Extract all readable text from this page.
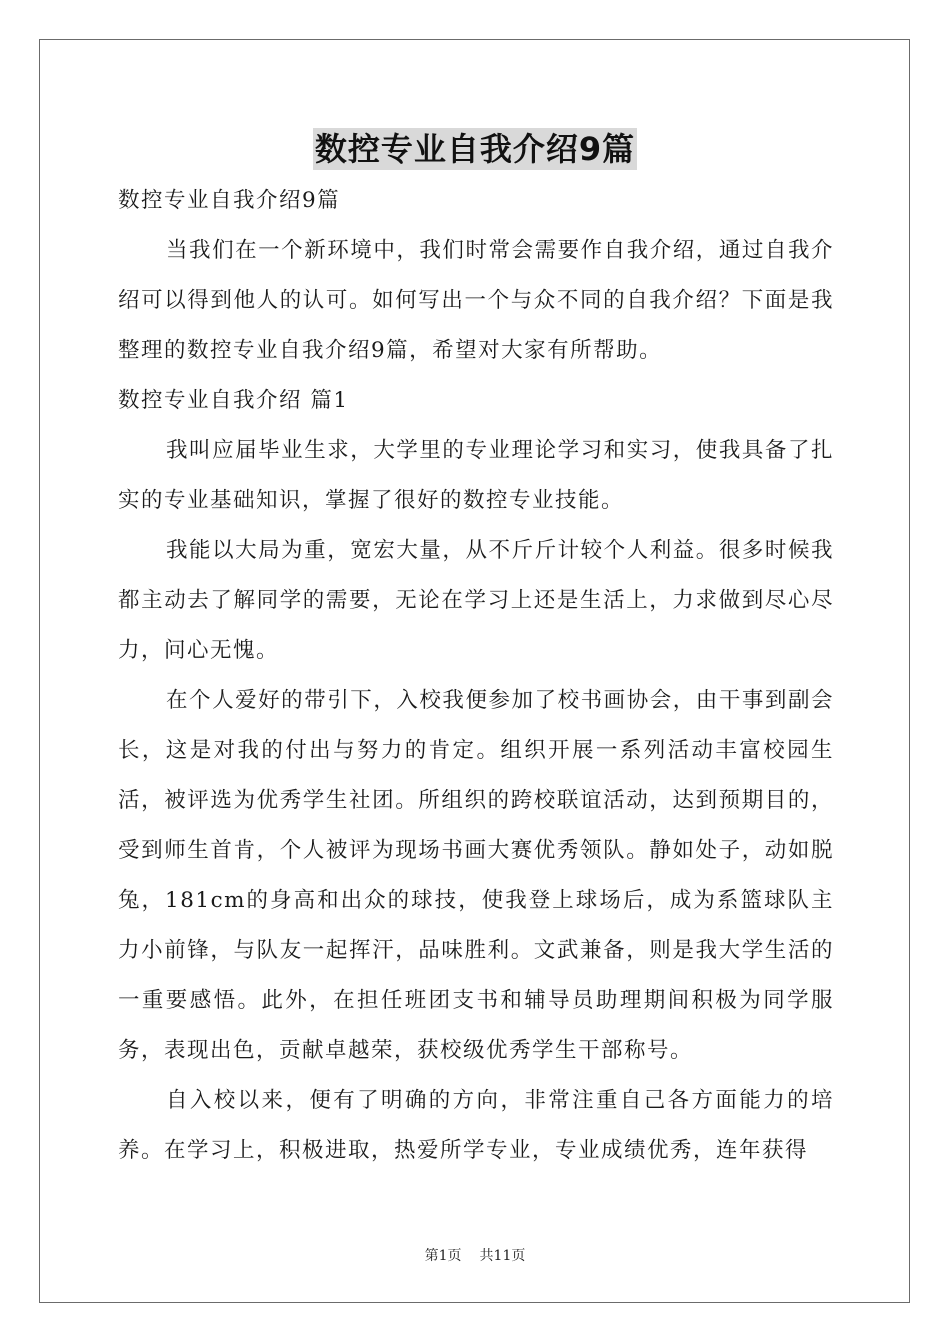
数控专业自我介绍9篇

数控专业自我介绍9篇

当我们在一个新环境中，我们时常会需要作自我介绍，通过自我介绍可以得到他人的认可。如何写出一个与众不同的自我介绍？下面是我整理的数控专业自我介绍9篇，希望对大家有所帮助。

数控专业自我介绍 篇1

我叫应届毕业生求，大学里的专业理论学习和实习，使我具备了扎实的专业基础知识，掌握了很好的数控专业技能。

我能以大局为重，宽宏大量，从不斤斤计较个人利益。很多时候我都主动去了解同学的需要，无论在学习上还是生活上，力求做到尽心尽力，问心无愧。

在个人爱好的带引下，入校我便参加了校书画协会，由干事到副会长，这是对我的付出与努力的肯定。组织开展一系列活动丰富校园生活，被评选为优秀学生社团。所组织的跨校联谊活动，达到预期目的，受到师生首肯，个人被评为现场书画大赛优秀领队。静如处子，动如脱兔，181cm的身高和出众的球技，使我登上球场后，成为系篮球队主力小前锋，与队友一起挥汗，品味胜利。文武兼备，则是我大学生活的一重要感悟。此外，在担任班团支书和辅导员助理期间积极为同学服务，表现出色，贡献卓越荣，获校级优秀学生干部称号。

自入校以来，便有了明确的方向，非常注重自己各方面能力的培养。在学习上，积极进取，热爱所学专业，专业成绩优秀，连年获得

第1页 共11页
